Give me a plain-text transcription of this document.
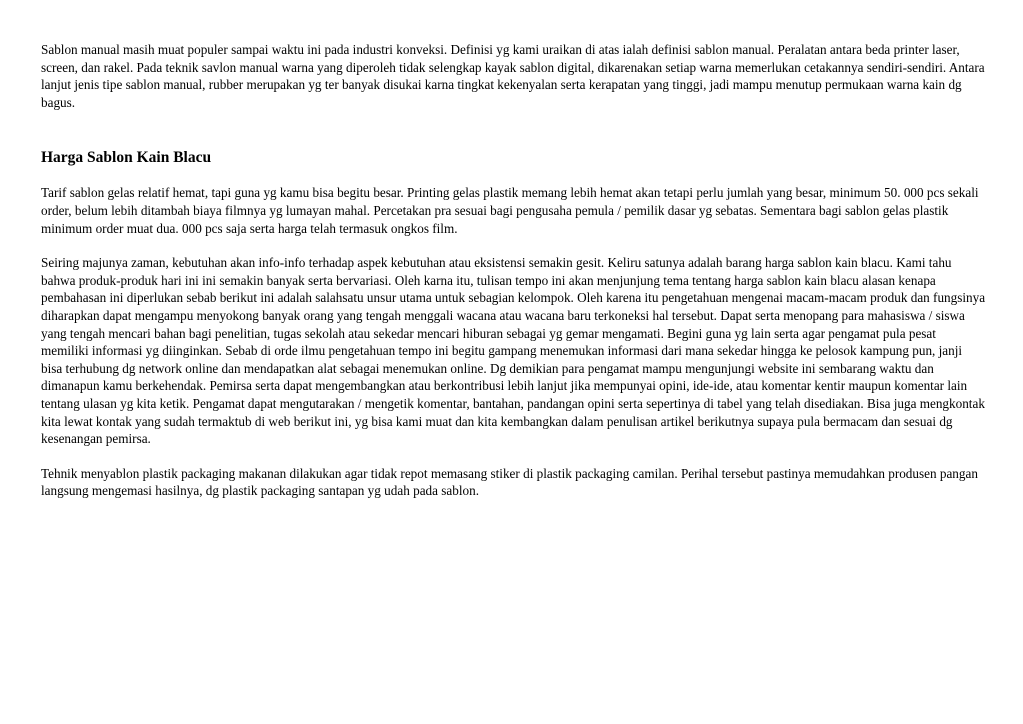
Sablon manual masih muat populer sampai waktu ini pada industri konveksi. Definisi yg kami uraikan di atas ialah definisi sablon manual. Peralatan antara beda printer laser, screen, dan rakel. Pada teknik savlon manual warna yang diperoleh tidak selengkap kayak sablon digital, dikarenakan setiap warna memerlukan cetakannya sendiri-sendiri. Antara lanjut jenis tipe sablon manual, rubber merupakan yg ter banyak disukai karna tingkat kekenyalan serta kerapatan yang tinggi, jadi mampu menutup permukaan warna kain dg bagus.

Harga Sablon Kain Blacu

Tarif sablon gelas relatif hemat, tapi guna yg kamu bisa begitu besar. Printing gelas plastik memang lebih hemat akan tetapi perlu jumlah yang besar, minimum 50. 000 pcs sekali order, belum lebih ditambah biaya filmnya yg lumayan mahal. Percetakan pra sesuai bagi pengusaha pemula / pemilik dasar yg sebatas. Sementara bagi sablon gelas plastik minimum order muat dua. 000 pcs saja serta harga telah termasuk ongkos film.

Seiring majunya zaman, kebutuhan akan info-info terhadap aspek kebutuhan atau eksistensi semakin gesit. Keliru satunya adalah barang harga sablon kain blacu. Kami tahu bahwa produk-produk hari ini ini semakin banyak serta bervariasi. Oleh karna itu, tulisan tempo ini akan menjunjung tema tentang harga sablon kain blacu alasan kenapa pembahasan ini diperlukan sebab berikut ini adalah salahsatu unsur utama untuk sebagian kelompok. Oleh karena itu pengetahuan mengenai macam-macam produk dan fungsinya diharapkan dapat mengampu menyokong banyak orang yang tengah menggali wacana atau wacana baru terkoneksi hal tersebut. Dapat serta menopang para mahasiswa / siswa yang tengah mencari bahan bagi penelitian, tugas sekolah atau sekedar mencari hiburan sebagai yg gemar mengamati. Begini guna yg lain serta agar pengamat pula pesat memiliki informasi yg diinginkan. Sebab di orde ilmu pengetahuan tempo ini begitu gampang menemukan informasi dari mana sekedar hingga ke pelosok kampung pun, janji bisa terhubung dg network online dan mendapatkan alat sebagai menemukan online. Dg demikian para pengamat mampu mengunjungi website ini sembarang waktu dan dimanapun kamu berkehendak. Pemirsa serta dapat mengembangkan atau berkontribusi lebih lanjut jika mempunyai opini, ide-ide, atau komentar kentir maupun komentar lain tentang ulasan yg kita ketik. Pengamat dapat mengutarakan / mengetik komentar, bantahan, pandangan opini serta sepertinya di tabel yang telah disediakan. Bisa juga mengkontak kita lewat kontak yang sudah termaktub di web berikut ini, yg bisa kami muat dan kita kembangkan dalam penulisan artikel berikutnya supaya pula bermacam dan sesuai dg kesenangan pemirsa.

Tehnik menyablon plastik packaging makanan dilakukan agar tidak repot memasang stiker di plastik packaging camilan. Perihal tersebut pastinya memudahkan produsen pangan langsung mengemasi hasilnya, dg plastik packaging santapan yg udah pada sablon.
